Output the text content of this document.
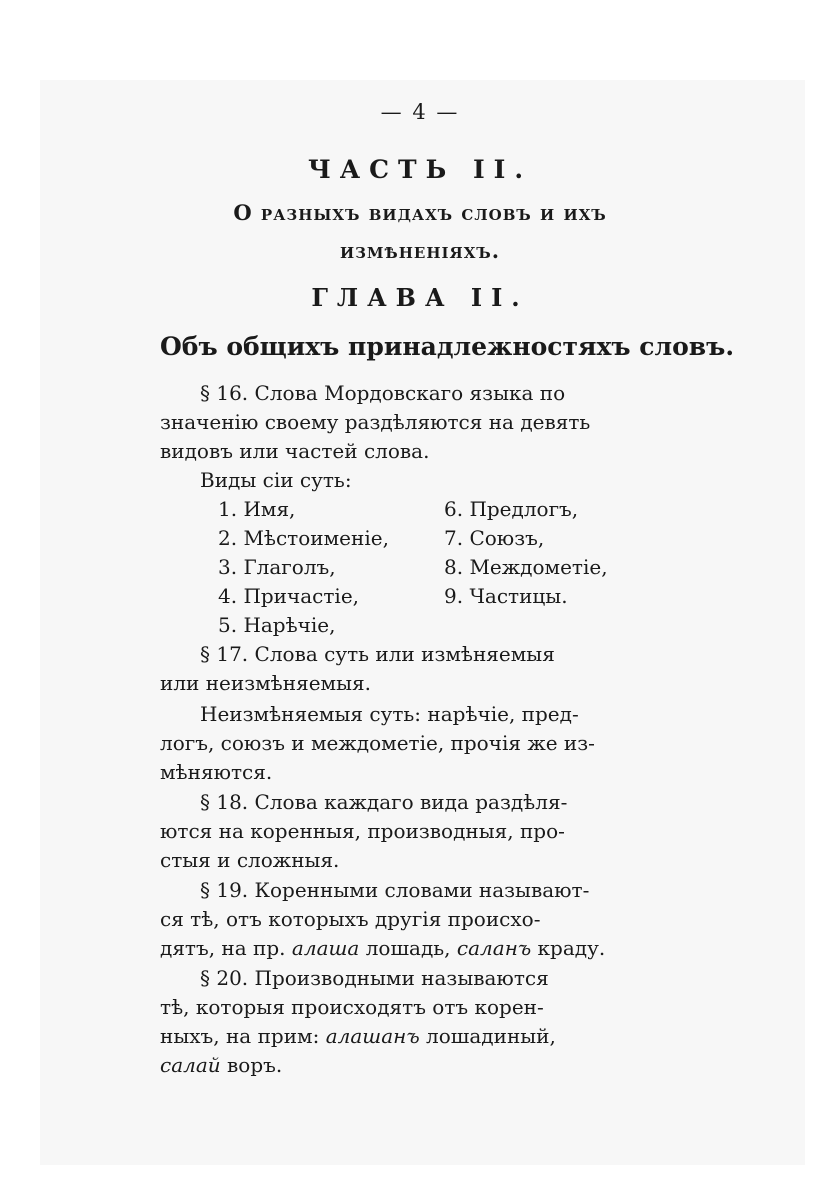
— 4 —
ЧАСТЬ II.
О разныхъ видахъ словъ и ихъ
измѣненiяхъ.
ГЛАВА II.
Объ общихъ принадлежностяхъ словъ.
§ 16. Слова Мордовскаго языка по
значенiю своему раздѣляются на девять
видовъ или частей слова.
Виды сiи суть:
1. Имя,
2. Мѣстоименiе,
3. Глаголъ,
4. Причастiе,
5. Нарѣчiе,
6. Предлогъ,
7. Союзъ,
8. Междометiе,
9. Частицы.
§ 17. Слова суть или измѣняемыя
или неизмѣняемыя.
Неизмѣняемыя суть: нарѣчiе, пред-
логъ, союзъ и междометiе, прочiя же из-
мѣняются.
§ 18. Слова каждаго вида раздѣля-
ются на коренныя, производныя, про-
стыя и сложныя.
§ 19. Коренными словами называют-
ся тѣ, отъ которыхъ другiя происхо-
дятъ, на пр. алаша лошадь, саланъ краду.
§ 20. Производными называются
тѣ, которыя происходятъ отъ корен-
ныхъ, на прим: алашанъ лошадиный,
салай воръ.
